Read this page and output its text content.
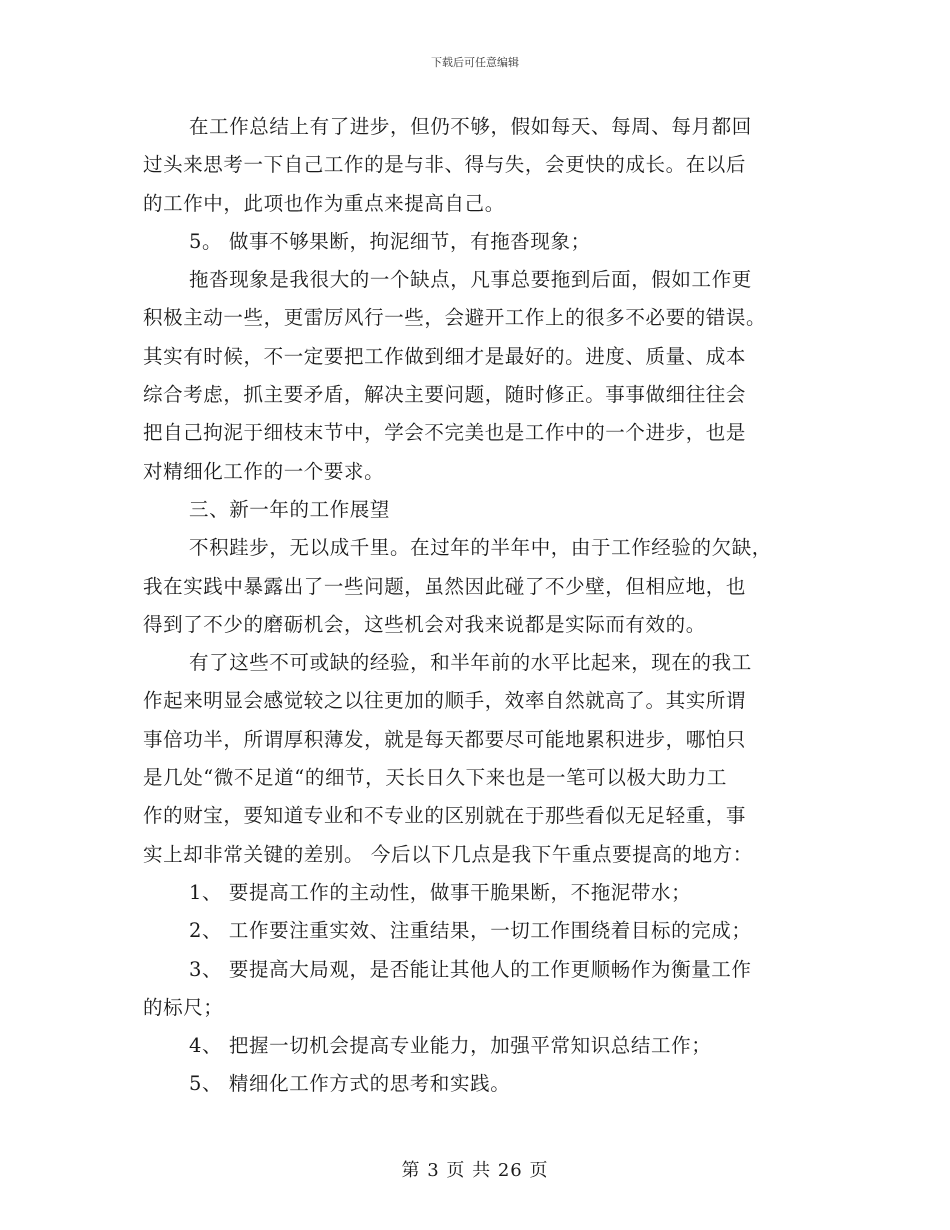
下载后可任意编辑
在工作总结上有了进步，但仍不够，假如每天、每周、每月都回
过头来思考一下自己工作的是与非、得与失，会更快的成长。在以后
的工作中，此项也作为重点来提高自己。
5。 做事不够果断，拘泥细节，有拖沓现象；
拖沓现象是我很大的一个缺点，凡事总要拖到后面，假如工作更
积极主动一些，更雷厉风行一些，会避开工作上的很多不必要的错误。
其实有时候，不一定要把工作做到细才是最好的。进度、质量、成本
综合考虑，抓主要矛盾，解决主要问题，随时修正。事事做细往往会
把自己拘泥于细枝末节中，学会不完美也是工作中的一个进步，也是
对精细化工作的一个要求。
三、新一年的工作展望
不积跬步，无以成千里。在过年的半年中，由于工作经验的欠缺，
我在实践中暴露出了一些问题，虽然因此碰了不少壁，但相应地，也
得到了不少的磨砺机会，这些机会对我来说都是实际而有效的。
有了这些不可或缺的经验，和半年前的水平比起来，现在的我工
作起来明显会感觉较之以往更加的顺手，效率自然就高了。其实所谓
事倍功半，所谓厚积薄发，就是每天都要尽可能地累积进步，哪怕只
是几处“微不足道“的细节，天长日久下来也是一笔可以极大助力工
作的财宝，要知道专业和不专业的区别就在于那些看似无足轻重，事
实上却非常关键的差别。 今后以下几点是我下午重点要提高的地方：
1、 要提高工作的主动性，做事干脆果断，不拖泥带水；
2、 工作要注重实效、注重结果，一切工作围绕着目标的完成；
3、 要提高大局观，是否能让其他人的工作更顺畅作为衡量工作
的标尺；
4、 把握一切机会提高专业能力，加强平常知识总结工作；
5、 精细化工作方式的思考和实践。
第 3 页 共 26 页
